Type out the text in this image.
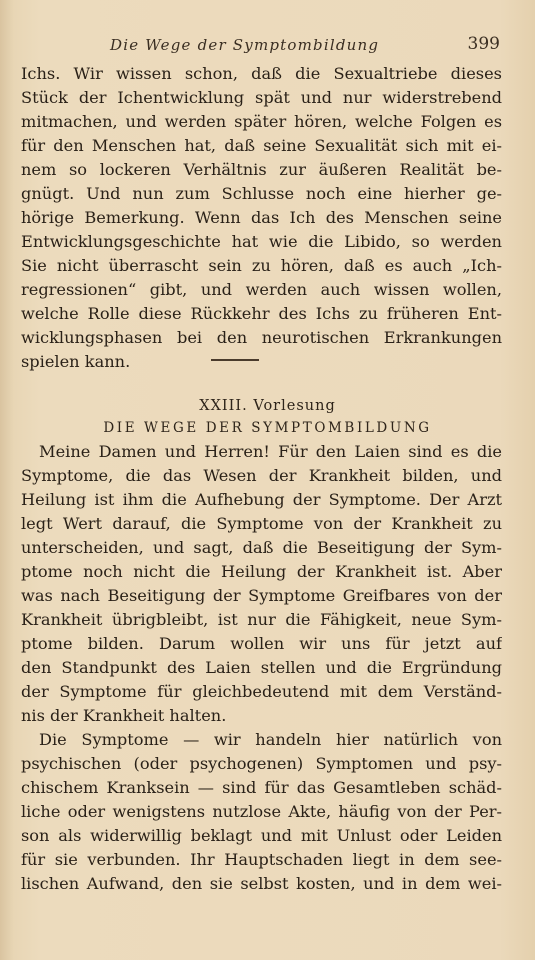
Die Wege der Symptombildung	399
Ichs. Wir wissen schon, daß die Sexualtriebe dieses
Stück der Ichentwicklung spät und nur widerstrebend
mitmachen, und werden später hören, welche Folgen es
für den Menschen hat, daß seine Sexualität sich mit ei-
nem so lockeren Verhältnis zur äußeren Realität be-
gnügt. Und nun zum Schlusse noch eine hierher ge-
hörige Bemerkung. Wenn das Ich des Menschen seine
Entwicklungsgeschichte hat wie die Libido, so werden
Sie nicht überrascht sein zu hören, daß es auch „Ich-
regressionen“ gibt, und werden auch wissen wollen,
welche Rolle diese Rückkehr des Ichs zu früheren Ent-
wicklungsphasen bei den neurotischen Erkrankungen
spielen kann.
XXIII. Vorlesung
DIE WEGE DER SYMPTOMBILDUNG
Meine Damen und Herren! Für den Laien sind es die
Symptome, die das Wesen der Krankheit bilden, und
Heilung ist ihm die Aufhebung der Symptome. Der Arzt
legt Wert darauf, die Symptome von der Krankheit zu
unterscheiden, und sagt, daß die Beseitigung der Sym-
ptome noch nicht die Heilung der Krankheit ist. Aber
was nach Beseitigung der Symptome Greifbares von der
Krankheit übrigbleibt, ist nur die Fähigkeit, neue Sym-
ptome bilden. Darum wollen wir uns für jetzt auf
den Standpunkt des Laien stellen und die Ergründung
der Symptome für gleichbedeutend mit dem Verständ-
nis der Krankheit halten.
Die Symptome — wir handeln hier natürlich von
psychischen (oder psychogenen) Symptomen und psy-
chischem Kranksein — sind für das Gesamtleben schäd-
liche oder wenigstens nutzlose Akte, häufig von der Per-
son als widerwillig beklagt und mit Unlust oder Leiden
für sie verbunden. Ihr Hauptschaden liegt in dem see-
lischen Aufwand, den sie selbst kosten, und in dem wei-
